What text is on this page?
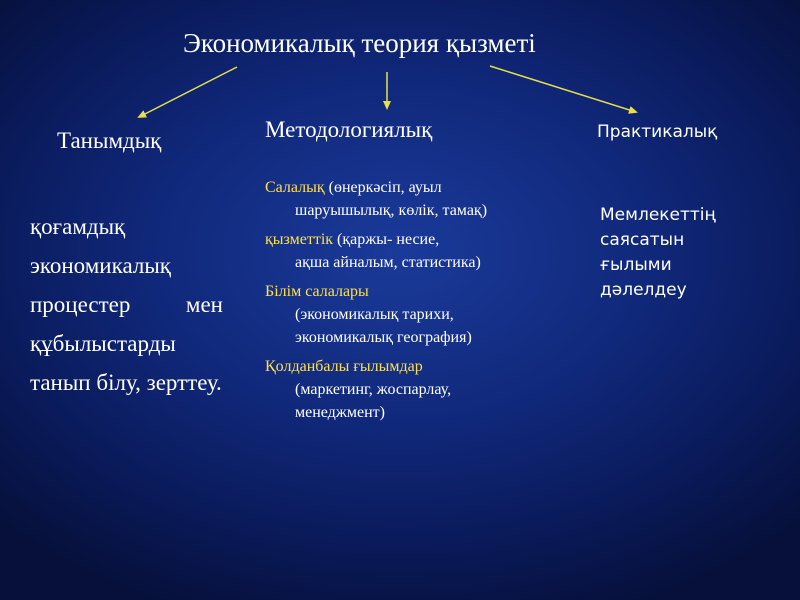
Экономикалық теория қызметі
Танымдық	Методологиялық	Практикалық
қоғамдық экономикалық процестер мен құбылыстарды танып білу, зерттеу.
Салалық (өнеркәсіп, ауыл
шаруышылық, көлік, тамақ)
қызметтік (қаржы- несие,
ақша айналым, статистика)
Білім салалары
(экономикалық тарихи, экономикалық география)
Қолданбалы ғылымдар
(маркетинг, жоспарлау, менеджмент)
Мемлекеттің саясатын ғылыми дәлелдеу
